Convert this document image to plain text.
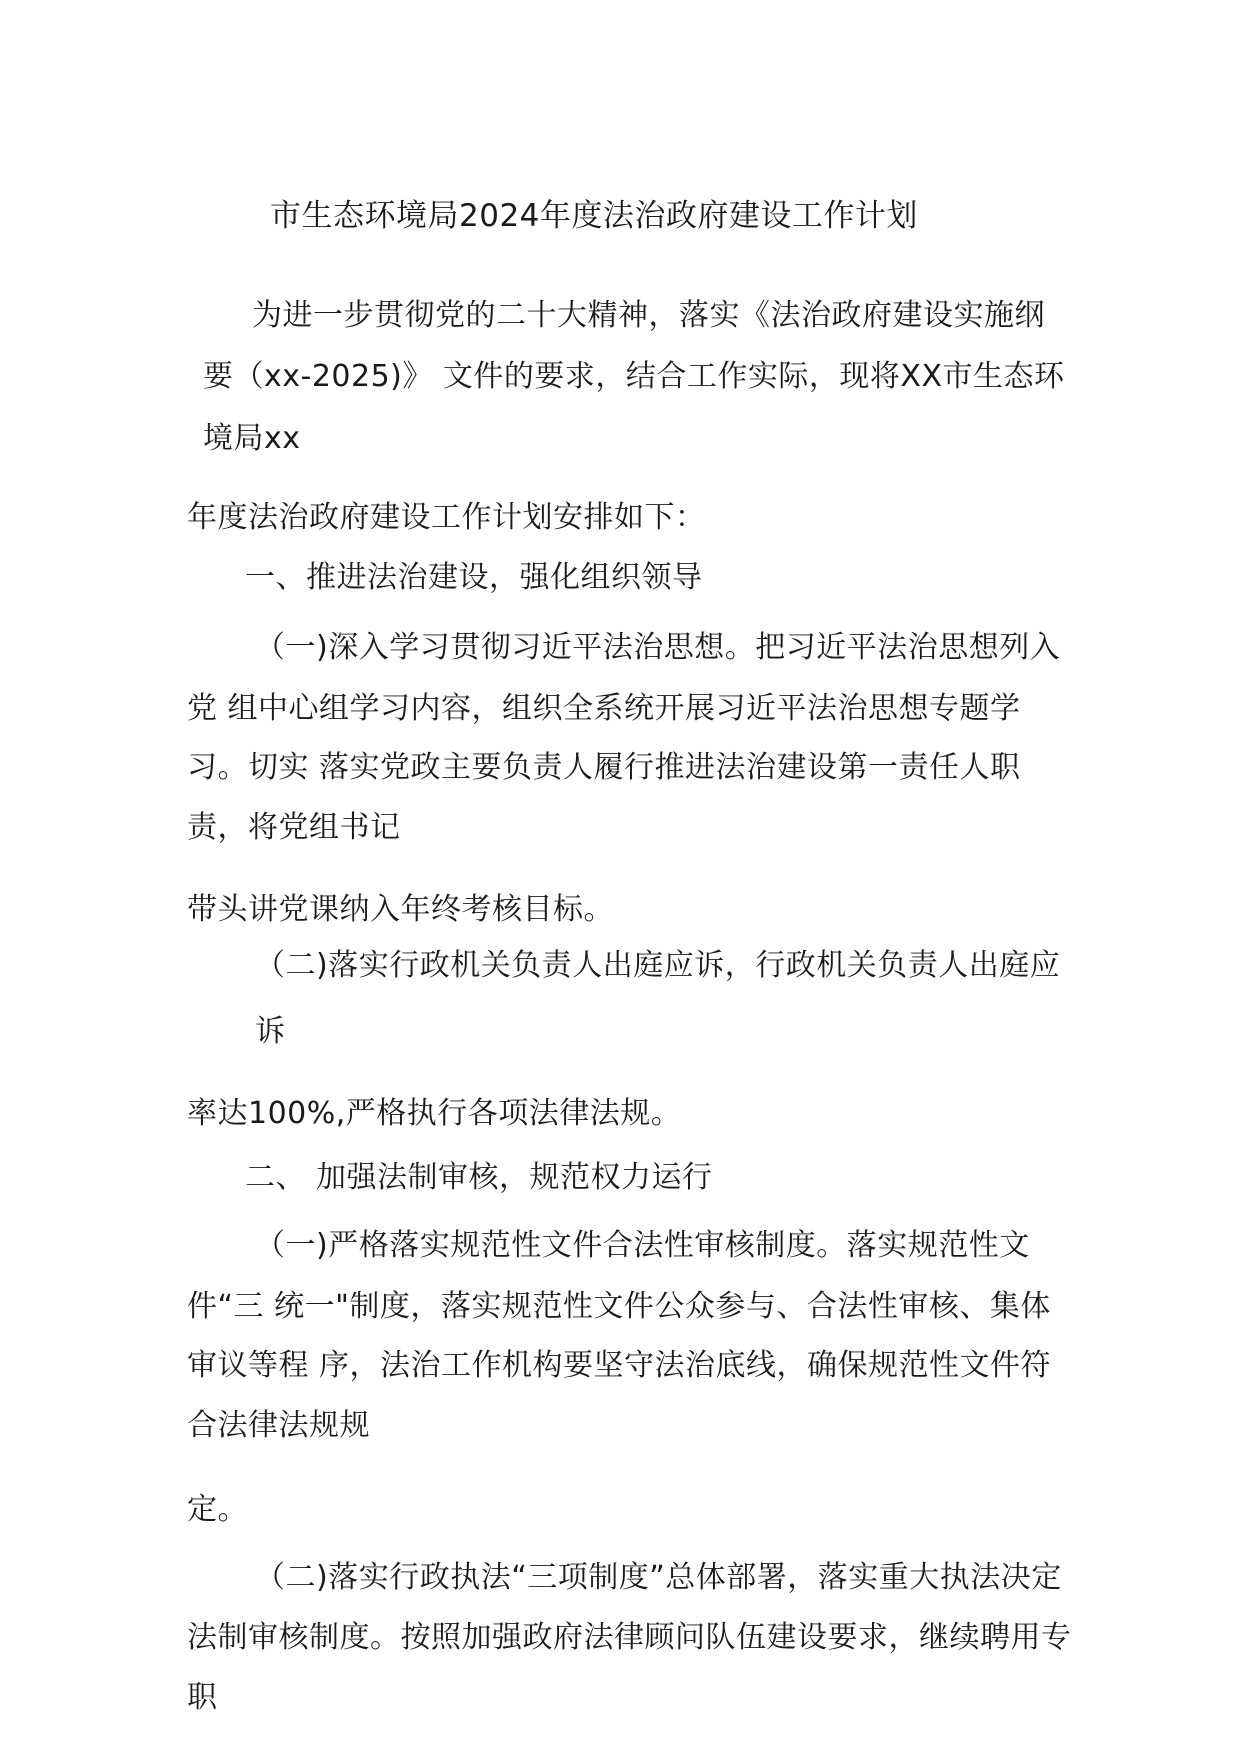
市生态环境局2024年度法治政府建设工作计划
为进一步贯彻党的二十大精神，落实《法治政府建设实施纲
要（xx-2025)》 文件的要求，结合工作实际，现将XX市生态环
境局xx
年度法治政府建设工作计划安排如下：
一、推进法治建设，强化组织领导
（一)深入学习贯彻习近平法治思想。把习近平法治思想列入
党 组中心组学习内容，组织全系统开展习近平法治思想专题学
习。切实 落实党政主要负责人履行推进法治建设第一责任人职
责，将党组书记
带头讲党课纳入年终考核目标。
（二)落实行政机关负责人出庭应诉，行政机关负责人出庭应
诉
率达100%,严格执行各项法律法规。
二、 加强法制审核，规范权力运行
（一)严格落实规范性文件合法性审核制度。落实规范性文
件“三 统一"制度，落实规范性文件公众参与、合法性审核、集体
审议等程 序，法治工作机构要坚守法治底线，确保规范性文件符
合法律法规规
定。
（二)落实行政执法“三项制度”总体部署，落实重大执法决定
法制审核制度。按照加强政府法律顾问队伍建设要求，继续聘用专
职
